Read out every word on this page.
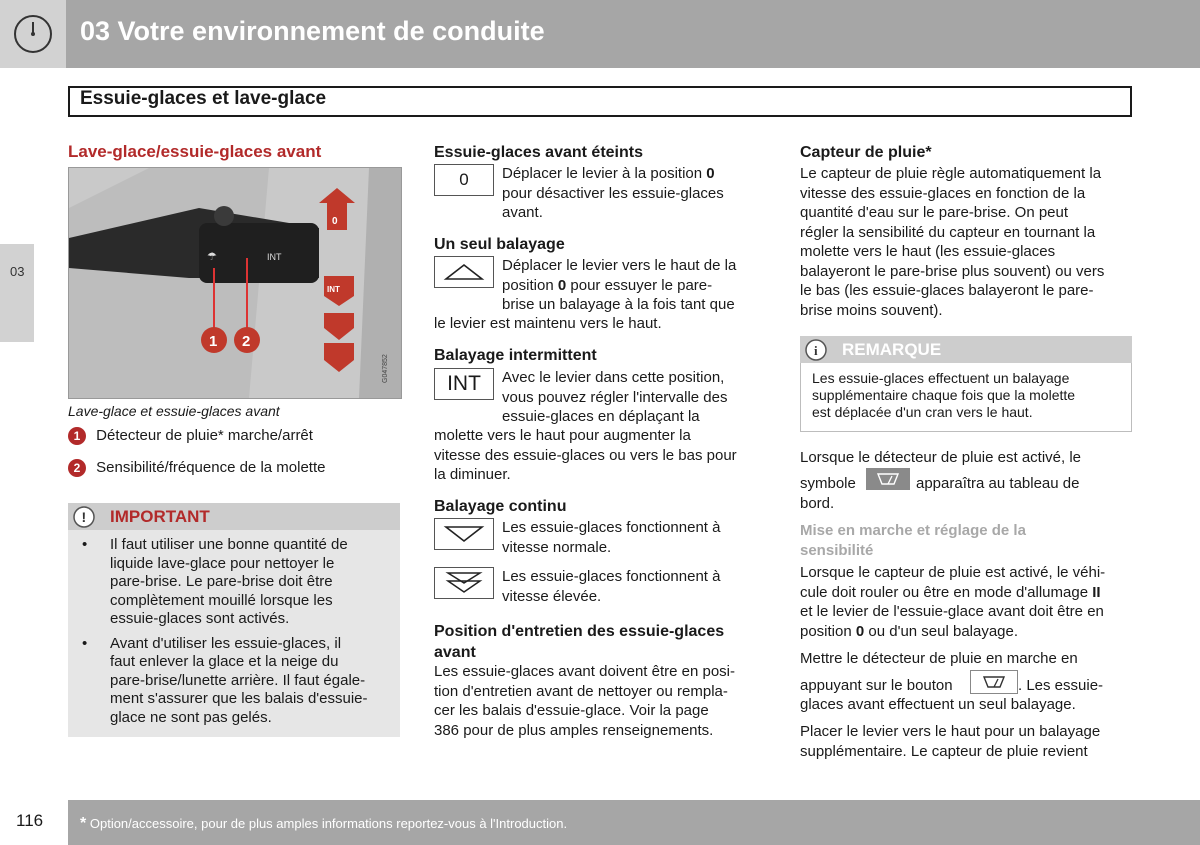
03 Votre environnement de conduite
Essuie-glaces et lave-glace
03
Lave-glace/essuie-glaces avant
☂	INT
0
INT
1 2
G047852
Lave-glace et essuie-glaces avant
1 Détecteur de pluie* marche/arrêt
2 Sensibilité/fréquence de la molette
! IMPORTANT
• Il faut utiliser une bonne quantité de
liquide lave-glace pour nettoyer le
pare-brise. Le pare-brise doit être
complètement mouillé lorsque les
essuie-glaces sont activés.
• Avant d'utiliser les essuie-glaces, il
faut enlever la glace et la neige du
pare-brise/lunette arrière. Il faut égale-
ment s'assurer que les balais d'essuie-
glace ne sont pas gelés.
Essuie-glaces avant éteints
0	Déplacer le levier à la position 0
pour désactiver les essuie-glaces
avant.
Un seul balayage
Déplacer le levier vers le haut de la
position 0 pour essuyer le pare-
brise un balayage à la fois tant que
le levier est maintenu vers le haut.
Balayage intermittent
INT	Avec le levier dans cette position,
vous pouvez régler l'intervalle des
essuie-glaces en déplaçant la
molette vers le haut pour augmenter la
vitesse des essuie-glaces ou vers le bas pour
la diminuer.
Balayage continu
Les essuie-glaces fonctionnent à
vitesse normale.
Les essuie-glaces fonctionnent à
vitesse élevée.
Position d'entretien des essuie-glaces
avant
Les essuie-glaces avant doivent être en posi-
tion d'entretien avant de nettoyer ou rempla-
cer les balais d'essuie-glace. Voir la page
386 pour de plus amples renseignements.
Capteur de pluie*
Le capteur de pluie règle automatiquement la
vitesse des essuie-glaces en fonction de la
quantité d'eau sur le pare-brise. On peut
régler la sensibilité du capteur en tournant la
molette vers le haut (les essuie-glaces
balayeront le pare-brise plus souvent) ou vers
le bas (les essuie-glaces balayeront le pare-
brise moins souvent).
i REMARQUE
Les essuie-glaces effectuent un balayage
supplémentaire chaque fois que la molette
est déplacée d'un cran vers le haut.
Lorsque le détecteur de pluie est activé, le
symbole	apparaîtra au tableau de
bord.
Mise en marche et réglage de la
sensibilité
Lorsque le capteur de pluie est activé, le véhi-
cule doit rouler ou être en mode d'allumage II
et le levier de l'essuie-glace avant doit être en
position 0 ou d'un seul balayage.
Mettre le détecteur de pluie en marche en
appuyant sur le bouton	. Les essuie-
glaces avant effectuent un seul balayage.
Placer le levier vers le haut pour un balayage
supplémentaire. Le capteur de pluie revient
116 * Option/accessoire, pour de plus amples informations reportez-vous à l'Introduction.
